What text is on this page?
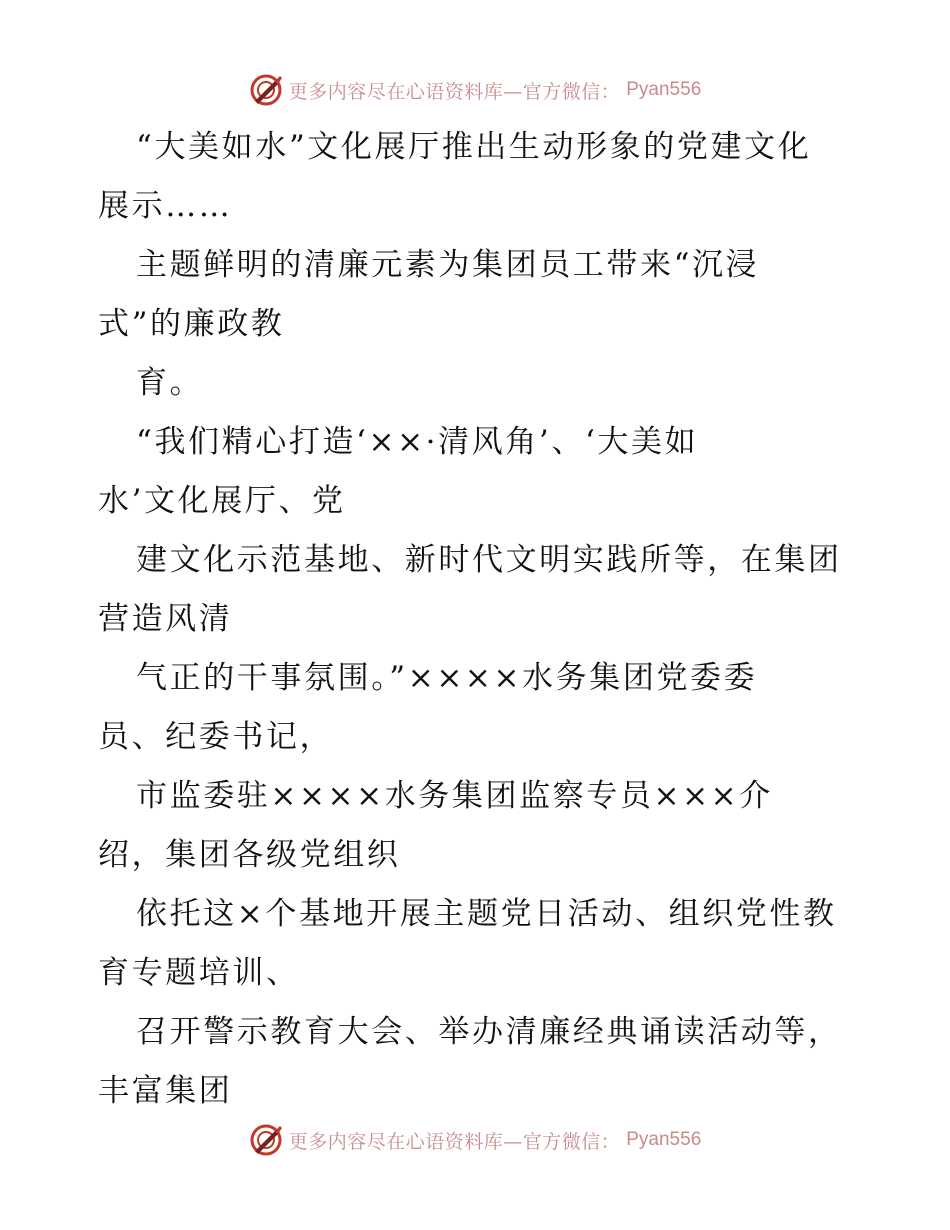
更多内容尽在心语资料库—官方微信： Pyan556
“大美如水”文化展厅推出生动形象的党建文化
展示……
主题鲜明的清廉元素为集团员工带来“沉浸
式”的廉政教
育。
“我们精心打造‘××·清风角’、‘大美如
水’文化展厅、党
建文化示范基地、新时代文明实践所等，在集团
营造风清
气正的干事氛围。”××××水务集团党委委
员、纪委书记，
市监委驻××××水务集团监察专员×××介
绍，集团各级党组织
依托这×个基地开展主题党日活动、组织党性教
育专题培训、
召开警示教育大会、举办清廉经典诵读活动等，
丰富集团
更多内容尽在心语资料库—官方微信： Pyan556
